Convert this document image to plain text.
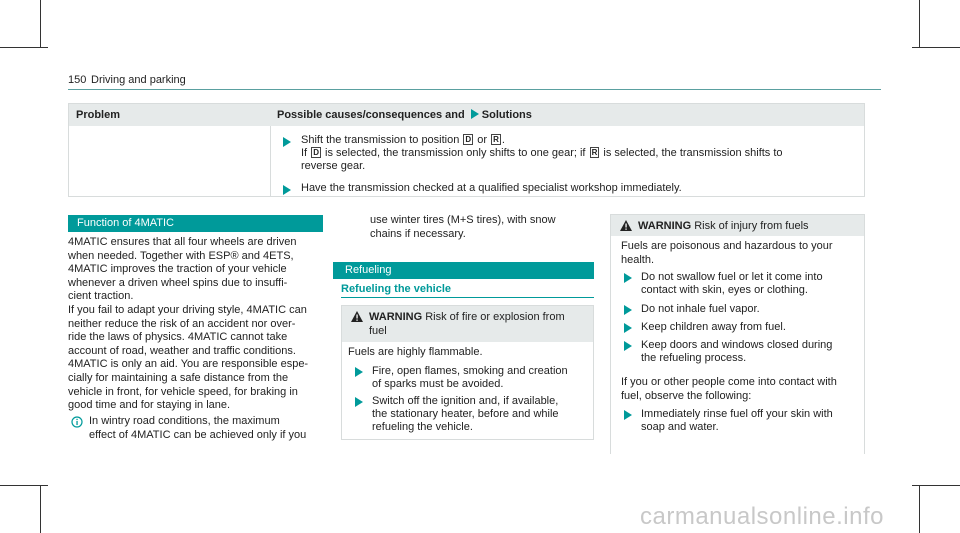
150 Driving and parking
Problem	Possible causes/consequences and Solutions
Shift the transmission to position D or R .
If D is selected, the transmission only shifts to one gear; if R is selected, the transmission shifts to
reverse gear.
Have the transmission checked at a qualified specialist workshop immediately.
Function of 4MATIC
4MATIC ensures that all four wheels are driven
when needed. Together with ESP® and 4ETS,
4MATIC improves the traction of your vehicle
whenever a driven wheel spins due to insuffi-
cient traction.
If you fail to adapt your driving style, 4MATIC can
neither reduce the risk of an accident nor over-
ride the laws of physics. 4MATIC cannot take
account of road, weather and traffic conditions.
4MATIC is only an aid. You are responsible espe-
cially for maintaining a safe distance from the
vehicle in front, for vehicle speed, for braking in
good time and for staying in lane.
In wintry road conditions, the maximum
effect of 4MATIC can be achieved only if you
use winter tires (M+S tires), with snow
chains if necessary.
Refueling
Refueling the vehicle
WARNING Risk of fire or explosion from
fuel
Fuels are highly flammable.
Fire, open flames, smoking and creation
of sparks must be avoided.
Switch off the ignition and, if available,
the stationary heater, before and while
refueling the vehicle.
WARNING Risk of injury from fuels
Fuels are poisonous and hazardous to your
health.
Do not swallow fuel or let it come into
contact with skin, eyes or clothing.
Do not inhale fuel vapor.
Keep children away from fuel.
Keep doors and windows closed during
the refueling process.
If you or other people come into contact with
fuel, observe the following:
Immediately rinse fuel off your skin with
soap and water.
carmanualsonline.info
